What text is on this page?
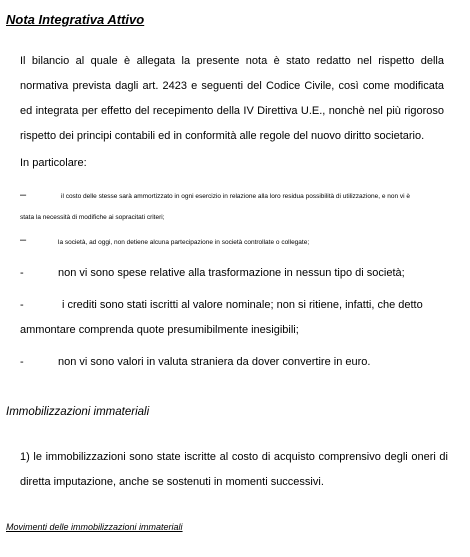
Nota Integrativa Attivo

Il bilancio al quale è allegata la presente nota è stato redatto nel rispetto della normativa prevista dagli art. 2423 e seguenti del Codice Civile, così come modificata ed integrata per effetto del recepimento della IV Direttiva U.E., nonchè nel più rigoroso rispetto dei principi contabili ed in conformità alle regole del nuovo diritto societario.

In particolare:
–	il costo delle stesse sarà ammortizzato in ogni esercizio in relazione alla loro residua possibilità di utilizzazione, e non vi è
stata la necessità di modifiche ai sopracitati criteri;
–	la società, ad oggi, non detiene alcuna partecipazione in società controllate o collegate;
-	non vi sono spese relative alla trasformazione in nessun tipo di società;
-	i crediti sono stati iscritti al valore nominale; non si ritiene, infatti, che detto
ammontare comprenda quote presumibilmente inesigibili;
-	non vi sono valori in valuta straniera da dover convertire in euro.
Immobilizzazioni immateriali

1) le immobilizzazioni sono state iscritte al costo di acquisto comprensivo degli oneri di diretta imputazione, anche se sostenuti in momenti successivi.

Movimenti delle immobilizzazioni immateriali
